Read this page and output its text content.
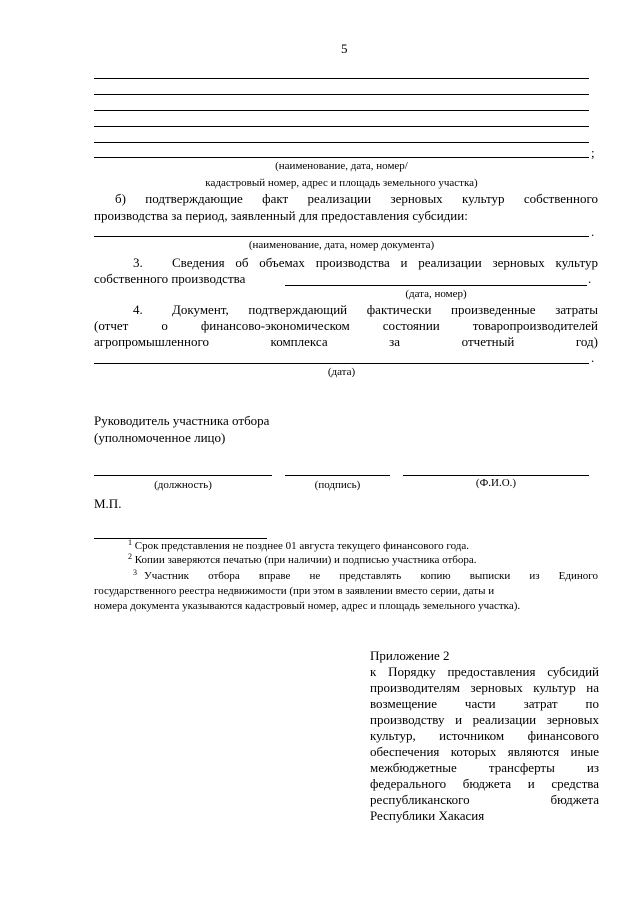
5
;
(наименование, дата, номер/
кадастровый номер, адрес и площадь земельного участка)
б) подтверждающие факт реализации зерновых культур собственного
производства за период, заявленный для предоставления субсидии:
.
(наименование, дата, номер документа)
3. Сведения об объемах производства и реализации зерновых культур
собственного производства	.
(дата, номер)
4. Документ, подтверждающий фактически произведенные затраты
(отчет	о	финансово-экономическом	состоянии	товаропроизводителей
агропромышленного	комплекса	за	отчетный	год)
.
(дата)
Руководитель участника отбора
(уполномоченное лицо)
(должность)	(подпись)	(Ф.И.О.)
М.П.
$^1$ Срок представления не позднее 01 августа текущего финансового года.
$^2$ Копии заверяются печатью (при наличии) и подписью участника отбора.
$^3$ Участник отбора вправе не представлять копию выписки из Единого
государственного реестра недвижимости (при этом в заявлении вместо серии, даты и
номера документа указываются кадастровый номер, адрес и площадь земельного участка).
Приложение 2
к Порядку предоставления субсидий
производителям зерновых культур на
возмещение части затрат по
производству и реализации зерновых
культур, источником финансового
обеспечения которых являются иные
межбюджетные трансферты из
федерального бюджета и средства
республиканского	бюджета
Республики Хакасия
